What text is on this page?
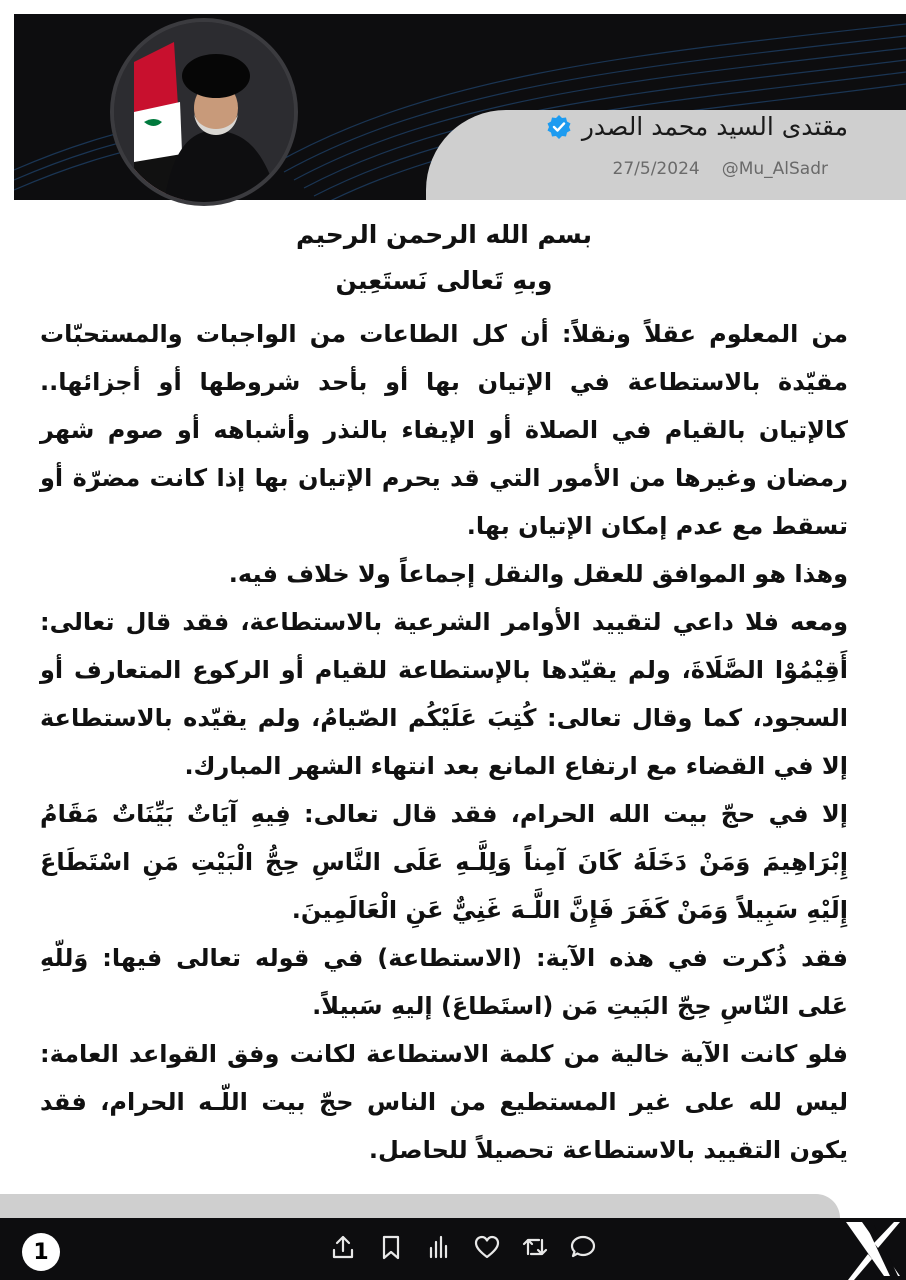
مقتدى السيد محمد الصدر
27/5/2024 @Mu_AlSadr
بسم الله الرحمن الرحيم
وبهِ تَعالى نَستَعِين

من المعلوم عقلاً ونقلاً: أن كل الطاعات من الواجبات والمستحبّات مقيّدة بالاستطاعة في الإتيان بها أو بأحد شروطها أو أجزائها.. كالإتيان بالقيام في الصلاة أو الإيفاء بالنذر وأشباهه أو صوم شهر رمضان وغيرها من الأمور التي قد يحرم الإتيان بها إذا كانت مضرّة أو تسقط مع عدم إمكان الإتيان بها.

وهذا هو الموافق للعقل والنقل إجماعاً ولا خلاف فيه.

ومعه فلا داعي لتقييد الأوامر الشرعية بالاستطاعة، فقد قال تعالى: أَقِيْمُوْا الصَّلَاةَ، ولم يقيّدها بالإستطاعة للقيام أو الركوع المتعارف أو السجود، كما وقال تعالى: كُتِبَ عَلَيْكُم الصّيامُ، ولم يقيّده بالاستطاعة إلا في القضاء مع ارتفاع المانع بعد انتهاء الشهر المبارك.

إلا في حجّ بيت الله الحرام، فقد قال تعالى: فِيهِ آيَاتٌ بَيِّنَاتٌ مَقَامُ إِبْرَاهِيمَ وَمَنْ دَخَلَهُ كَانَ آمِناً وَلِلَّـهِ عَلَى النَّاسِ حِجُّ الْبَيْتِ مَنِ اسْتَطَاعَ إِلَيْهِ سَبِيلاً وَمَنْ كَفَرَ فَإِنَّ اللَّـهَ غَنِيٌّ عَنِ الْعَالَمِينَ.

فقد ذُكرت في هذه الآية: (الاستطاعة) في قوله تعالى فيها: وَللّهِ عَلى النّاسِ حِجّ البَيتِ مَن (استَطاعَ) إليهِ سَبيلاً.

فلو كانت الآية خالية من كلمة الاستطاعة لكانت وفق القواعد العامة: ليس لله على غير المستطيع من الناس حجّ بيت اللّـه الحرام، فقد يكون التقييد بالاستطاعة تحصيلاً للحاصل.

1
